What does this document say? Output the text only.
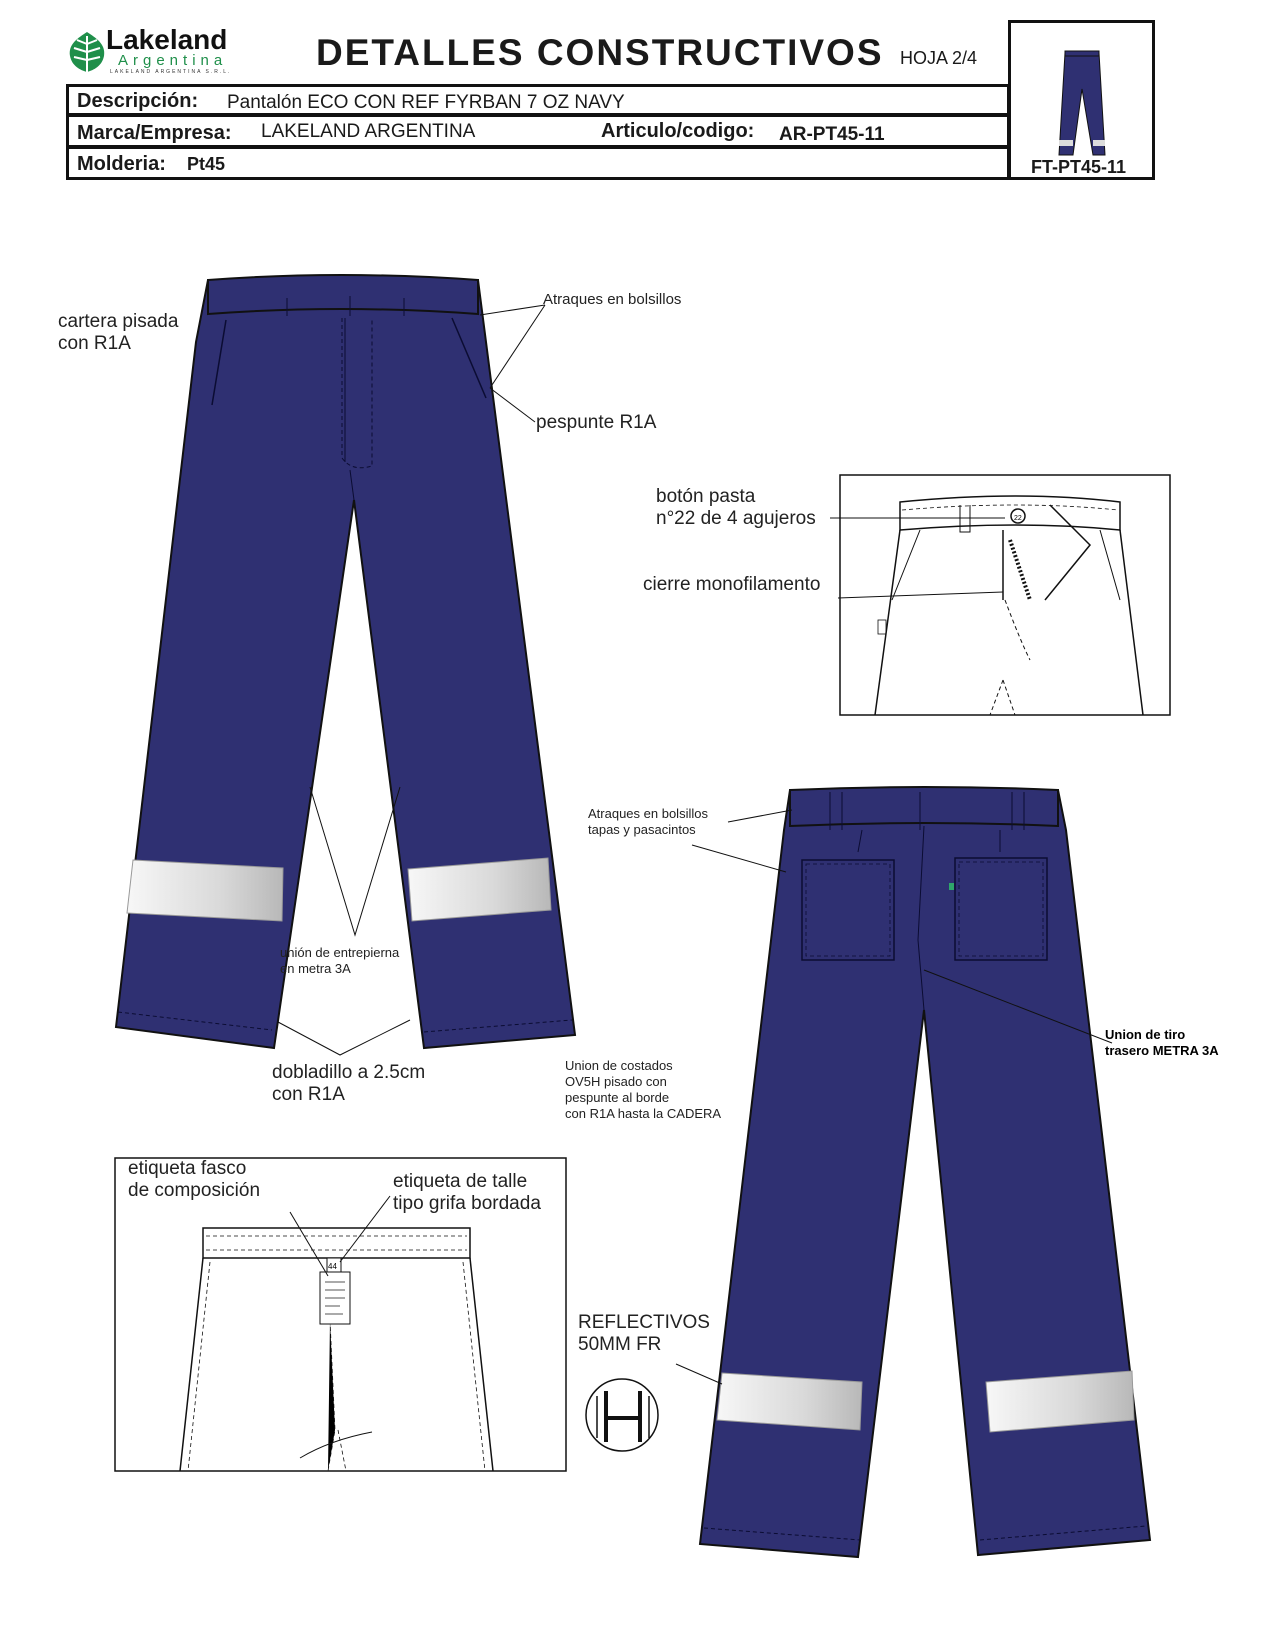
Lakeland
Argentina
LAKELAND ARGENTINA S.R.L. DETALLES CONSTRUCTIVOS HOJA 2/4
Descripción: Pantalón ECO CON REF FYRBAN 7 OZ NAVY
Marca/Empresa: LAKELAND ARGENTINA	Articulo/codigo: AR-PT45-11
Molderia: Pt45	FT-PT45-11
22
44
cartera pisada
con R1A
Atraques en bolsillos
pespunte R1A
unión de entrepierna
en metra 3A
dobladillo a 2.5cm
con R1A
botón pasta
n°22 de 4 agujeros
cierre monofilamento
Atraques en bolsillos
tapas y pasacintos
Union de tiro
trasero METRA 3A
Union de costados
OV5H pisado con
pespunte al borde
con R1A hasta la CADERA
REFLECTIVOS
50MM FR
etiqueta fasco
de composición	etiqueta de talle
tipo grifa bordada
